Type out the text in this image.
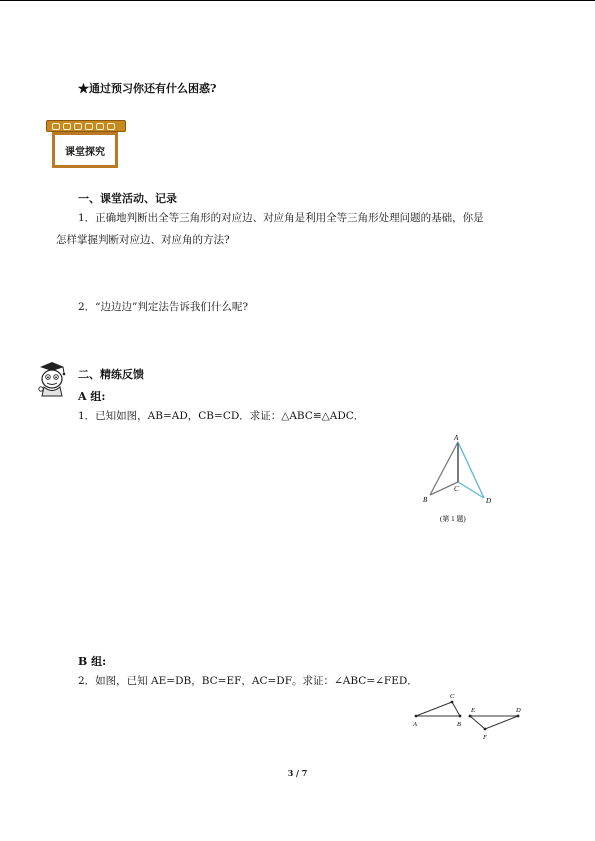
★通过预习你还有什么困惑?
课堂探究
一、课堂活动、记录
1．正确地判断出全等三角形的对应边、对应角是利用全等三角形处理问题的基础，你是
怎样掌握判断对应边、对应角的方法?
2．“边边边”判定法告诉我们什么呢?
二、精练反馈
A 组:
1．已知如图，AB=AD，CB=CD．求证：△ABC≌△ADC．
A
B
C
D
(第 1 题)
B 组:
2．如图，已知 AE=DB，BC=EF，AC=DF。求证：∠ABC=∠FED．
A
C
B
E	D
F
3 / 7
